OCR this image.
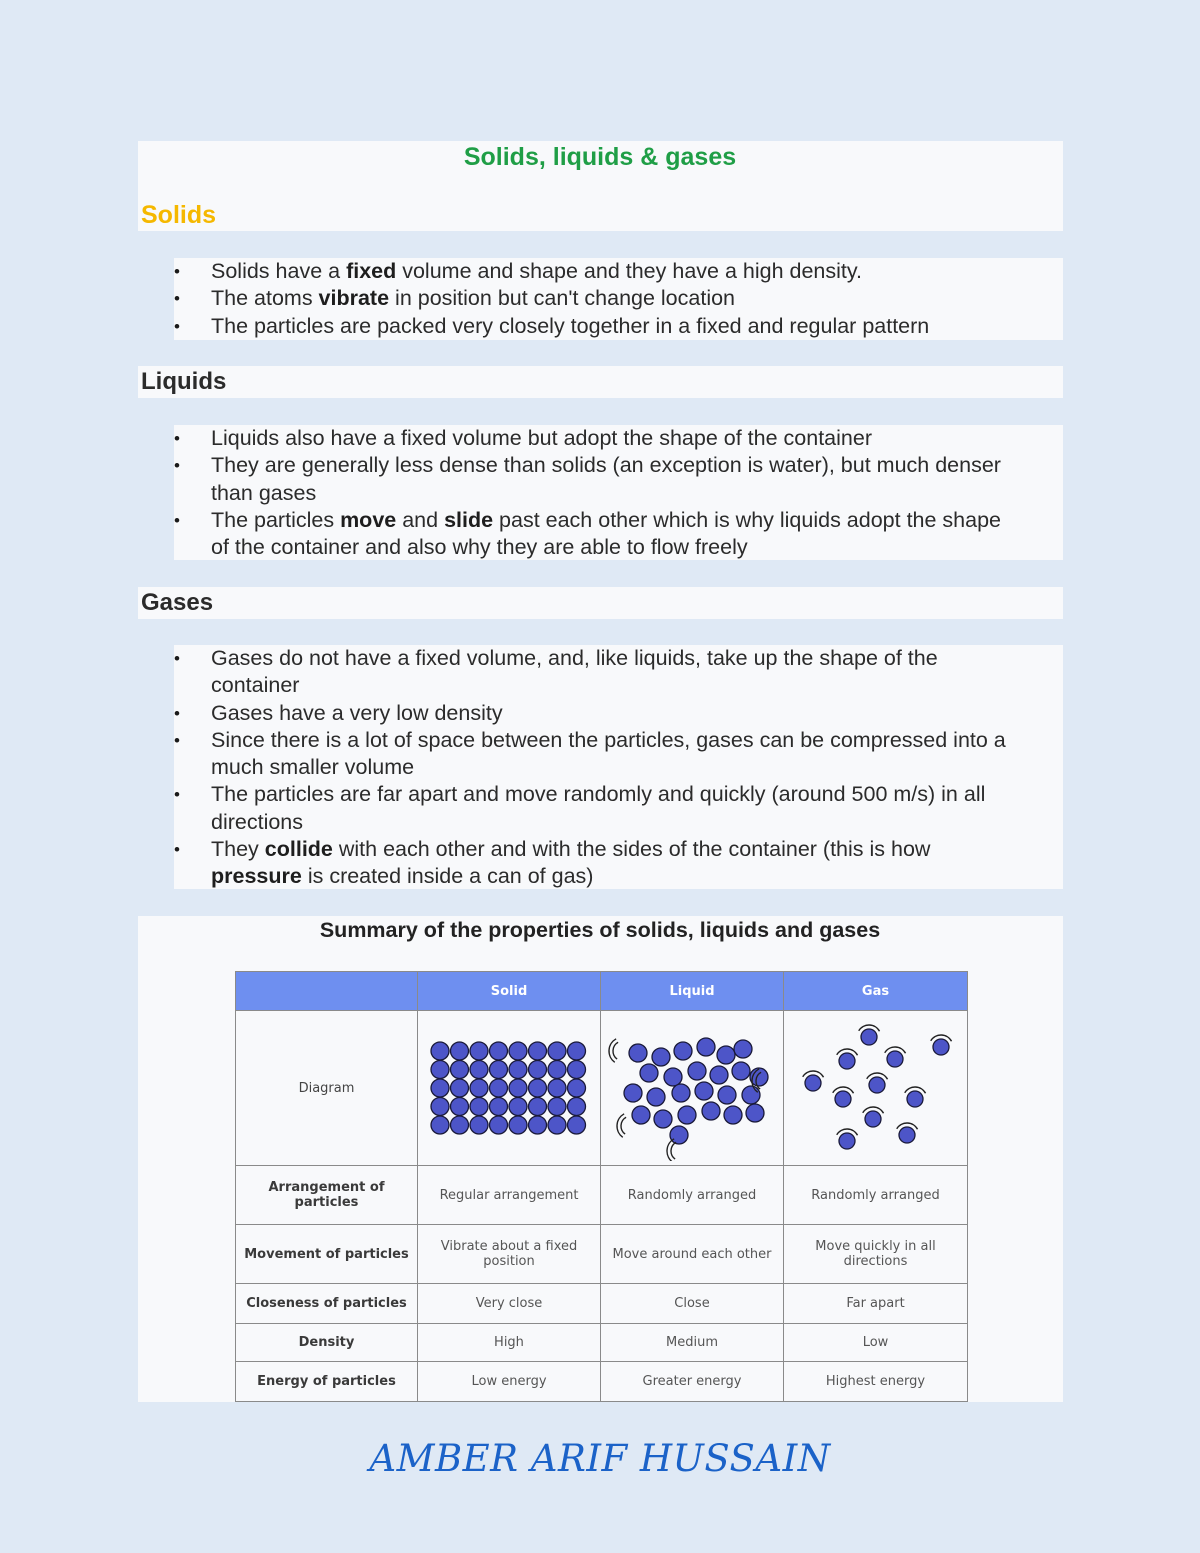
Solids, liquids & gases
Solids
• Solids have a fixed volume and shape and they have a high density.
• The atoms vibrate in position but can't change location
• The particles are packed very closely together in a fixed and regular pattern
Liquids
• Liquids also have a fixed volume but adopt the shape of the container
• They are generally less dense than solids (an exception is water), but much denser than gases
• The particles move and slide past each other which is why liquids adopt the shape of the container and also why they are able to flow freely
Gases
• Gases do not have a fixed volume, and, like liquids, take up the shape of the container
• Gases have a very low density
• Since there is a lot of space between the particles, gases can be compressed into a much smaller volume
• The particles are far apart and move randomly and quickly (around 500 m/s) in all directions
• They collide with each other and with the sides of the container (this is how pressure is created inside a can of gas)
Summary of the properties of solids, liquids and gases
	Solid	Liquid	Gas
Diagram			
Arrangement of particles	Regular arrangement	Randomly arranged	Randomly arranged
Movement of particles	Vibrate about a fixed position	Move around each other	Move quickly in all directions
Closeness of particles	Very close	Close	Far apart
Density	High	Medium	Low
Energy of particles	Low energy	Greater energy	Highest energy
AMBER ARIF HUSSAIN
